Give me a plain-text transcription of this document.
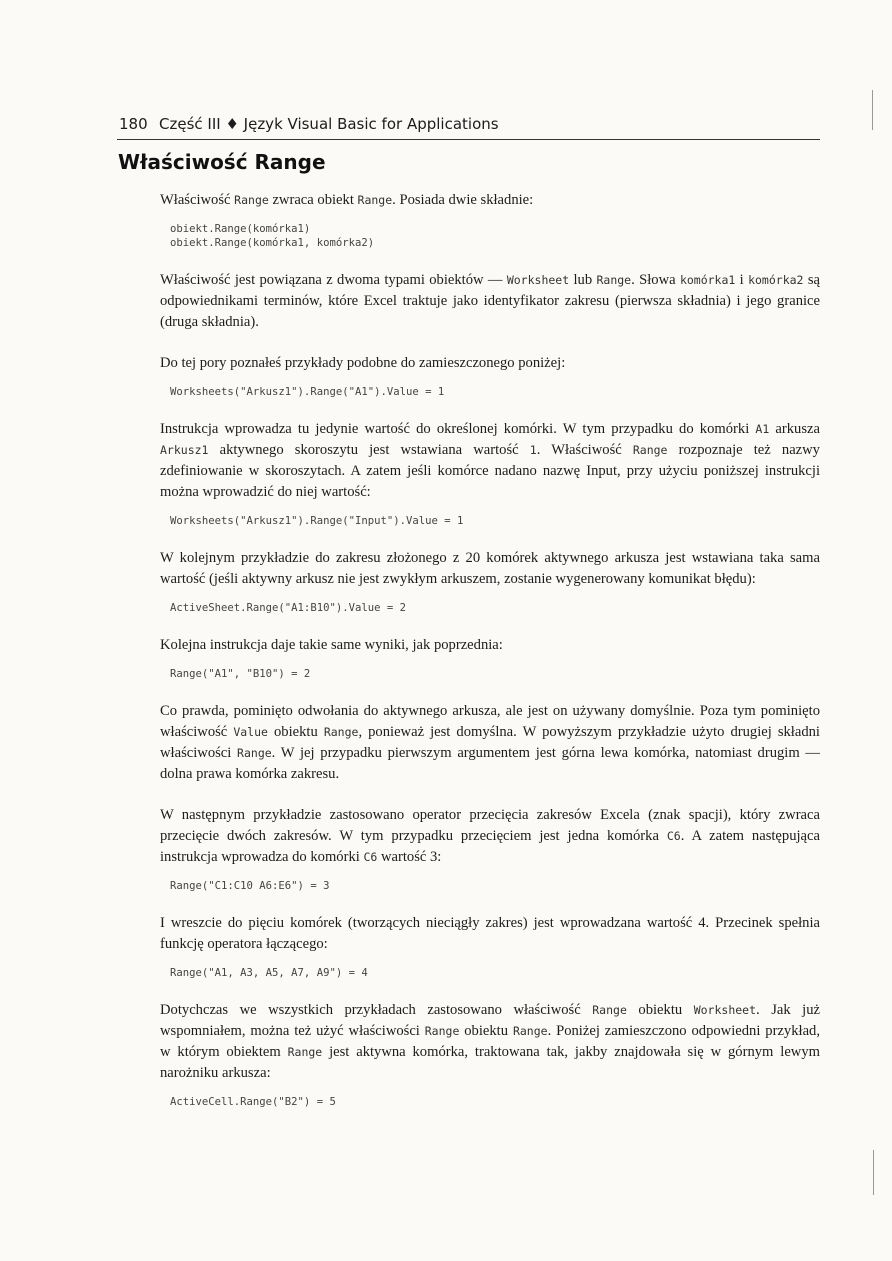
180 Część III ♦ Język Visual Basic for Applications
Właściwość Range

Właściwość Range zwraca obiekt Range. Posiada dwie składnie:

obiekt.Range(komórka1)
obiekt.Range(komórka1, komórka2)

Właściwość jest powiązana z dwoma typami obiektów — Worksheet lub Range. Słowa komórka1 i komórka2 są odpowiednikami terminów, które Excel traktuje jako identyfikator zakresu (pierwsza składnia) i jego granice (druga składnia).

Do tej pory poznałeś przykłady podobne do zamieszczonego poniżej:

Worksheets("Arkusz1").Range("A1").Value = 1

Instrukcja wprowadza tu jedynie wartość do określonej komórki. W tym przypadku do komórki A1 arkusza Arkusz1 aktywnego skoroszytu jest wstawiana wartość 1. Właściwość Range rozpoznaje też nazwy zdefiniowanie w skoroszytach. A zatem jeśli komórce nadano nazwę Input, przy użyciu poniższej instrukcji można wprowadzić do niej wartość:

Worksheets("Arkusz1").Range("Input").Value = 1

W kolejnym przykładzie do zakresu złożonego z 20 komórek aktywnego arkusza jest wstawiana taka sama wartość (jeśli aktywny arkusz nie jest zwykłym arkuszem, zostanie wygenerowany komunikat błędu):

ActiveSheet.Range("A1:B10").Value = 2

Kolejna instrukcja daje takie same wyniki, jak poprzednia:

Range("A1", "B10") = 2

Co prawda, pominięto odwołania do aktywnego arkusza, ale jest on używany domyślnie. Poza tym pominięto właściwość Value obiektu Range, ponieważ jest domyślna. W powyższym przykładzie użyto drugiej składni właściwości Range. W jej przypadku pierwszym argumentem jest górna lewa komórka, natomiast drugim — dolna prawa komórka zakresu.

W następnym przykładzie zastosowano operator przecięcia zakresów Excela (znak spacji), który zwraca przecięcie dwóch zakresów. W tym przypadku przecięciem jest jedna komórka C6. A zatem następująca instrukcja wprowadza do komórki C6 wartość 3:

Range("C1:C10 A6:E6") = 3

I wreszcie do pięciu komórek (tworzących nieciągły zakres) jest wprowadzana wartość 4. Przecinek spełnia funkcję operatora łączącego:

Range("A1, A3, A5, A7, A9") = 4

Dotychczas we wszystkich przykładach zastosowano właściwość Range obiektu Worksheet. Jak już wspomniałem, można też użyć właściwości Range obiektu Range. Poniżej zamieszczono odpowiedni przykład, w którym obiektem Range jest aktywna komórka, traktowana tak, jakby znajdowała się w górnym lewym narożniku arkusza:

ActiveCell.Range("B2") = 5
